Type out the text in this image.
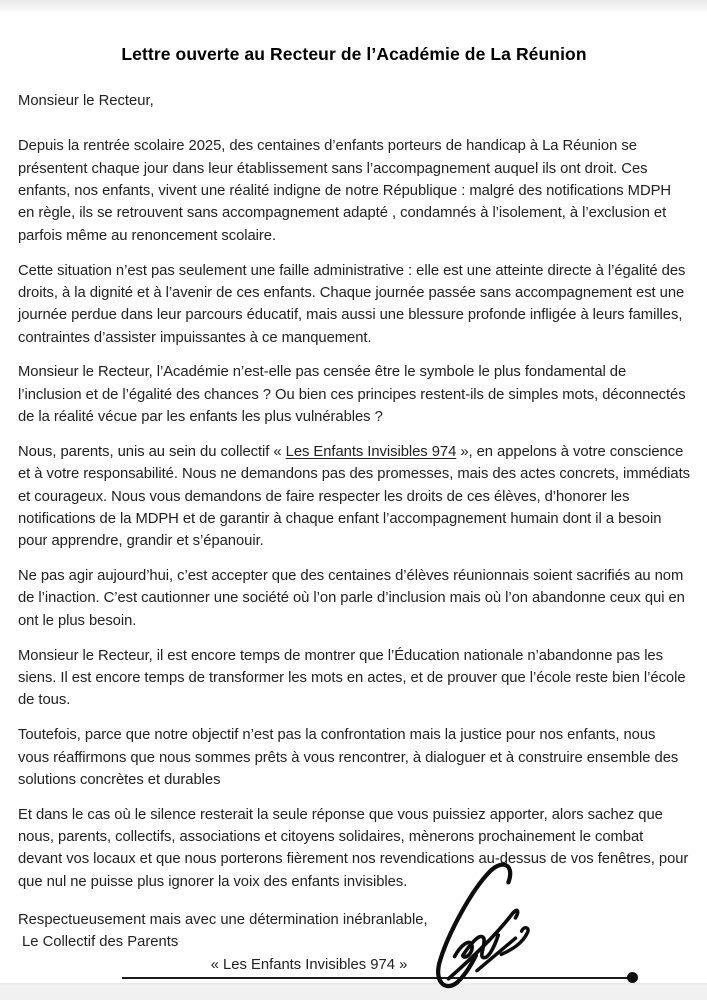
Lettre ouverte au Recteur de l’Académie de La Réunion

Monsieur le Recteur,

Depuis la rentrée scolaire 2025, des centaines d’enfants porteurs de handicap à La Réunion se présentent chaque jour dans leur établissement sans l’accompagnement auquel ils ont droit. Ces enfants, nos enfants, vivent une réalité indigne de notre République : malgré des notifications MDPH en règle, ils se retrouvent sans accompagnement adapté , condamnés à l’isolement, à l’exclusion et parfois même au renoncement scolaire.

Cette situation n’est pas seulement une faille administrative : elle est une atteinte directe à l’égalité des droits, à la dignité et à l’avenir de ces enfants. Chaque journée passée sans accompagnement est une journée perdue dans leur parcours éducatif, mais aussi une blessure profonde infligée à leurs familles, contraintes d’assister impuissantes à ce manquement.

Monsieur le Recteur, l’Académie n’est-elle pas censée être le symbole le plus fondamental de l’inclusion et de l’égalité des chances ? Ou bien ces principes restent-ils de simples mots, déconnectés de la réalité vécue par les enfants les plus vulnérables ?

Nous, parents, unis au sein du collectif « Les Enfants Invisibles 974 », en appelons à votre conscience et à votre responsabilité. Nous ne demandons pas des promesses, mais des actes concrets, immédiats et courageux. Nous vous demandons de faire respecter les droits de ces élèves, d’honorer les notifications de la MDPH et de garantir à chaque enfant l’accompagnement humain dont il a besoin pour apprendre, grandir et s’épanouir.

Ne pas agir aujourd’hui, c’est accepter que des centaines d’élèves réunionnais soient sacrifiés au nom de l’inaction. C’est cautionner une société où l’on parle d’inclusion mais où l’on abandonne ceux qui en ont le plus besoin.

Monsieur le Recteur, il est encore temps de montrer que l’Éducation nationale n’abandonne pas les siens. Il est encore temps de transformer les mots en actes, et de prouver que l’école reste bien l’école de tous.

Toutefois, parce que notre objectif n’est pas la confrontation mais la justice pour nos enfants, nous vous réaffirmons que nous sommes prêts à vous rencontrer, à dialoguer et à construire ensemble des solutions concrètes et durables

Et dans le cas où le silence resterait la seule réponse que vous puissiez apporter, alors sachez que nous, parents, collectifs, associations et citoyens solidaires, mènerons prochainement le combat devant vos locaux et que nous porterons fièrement nos revendications au-dessus de vos fenêtres, pour que nul ne puisse plus ignorer la voix des enfants invisibles.

Respectueusement mais avec une détermination inébranlable,

Le Collectif des Parents

« Les Enfants Invisibles 974 »
